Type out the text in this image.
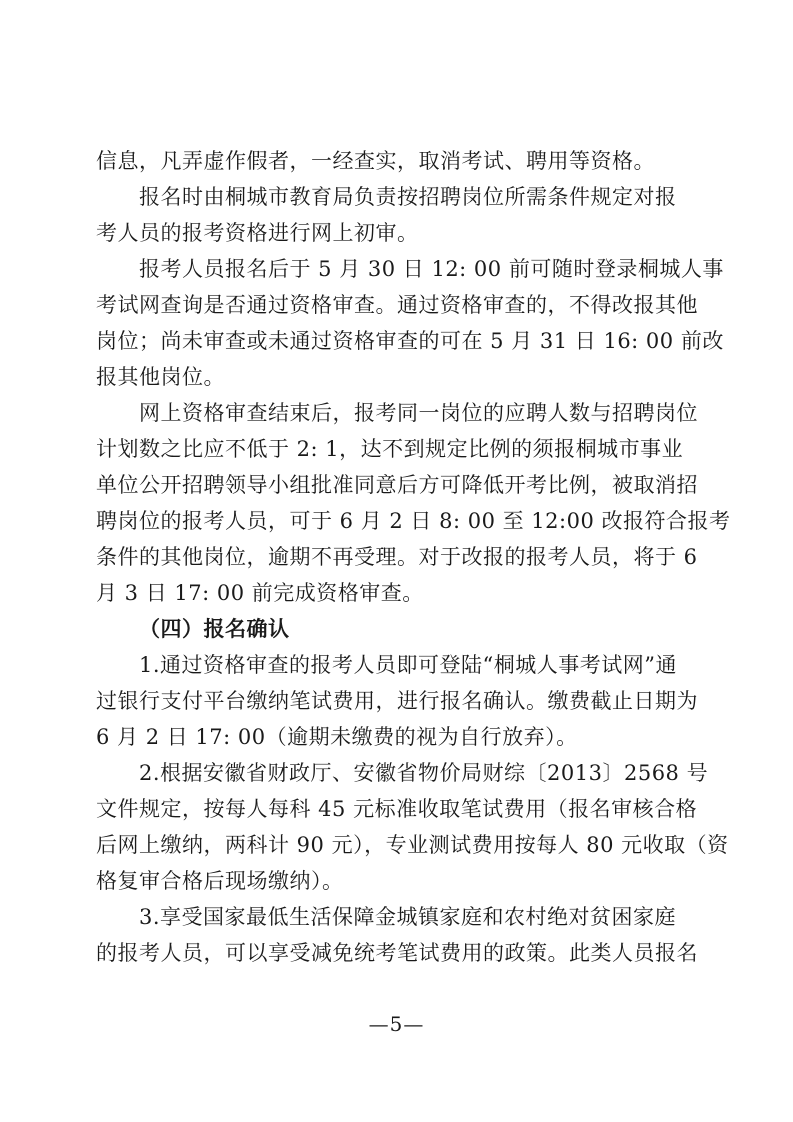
信息，凡弄虚作假者，一经查实，取消考试、聘用等资格。
报名时由桐城市教育局负责按招聘岗位所需条件规定对报
考人员的报考资格进行网上初审。
报考人员报名后于 5 月 30 日 12: 00 前可随时登录桐城人事
考试网查询是否通过资格审查。通过资格审查的，不得改报其他
岗位；尚未审查或未通过资格审查的可在 5 月 31 日 16: 00 前改
报其他岗位。
网上资格审查结束后，报考同一岗位的应聘人数与招聘岗位
计划数之比应不低于 2: 1，达不到规定比例的须报桐城市事业
单位公开招聘领导小组批准同意后方可降低开考比例，被取消招
聘岗位的报考人员，可于 6 月 2 日 8: 00 至 12:00 改报符合报考
条件的其他岗位，逾期不再受理。对于改报的报考人员，将于 6
月 3 日 17: 00 前完成资格审查。
（四）报名确认
1.通过资格审查的报考人员即可登陆“桐城人事考试网”通
过银行支付平台缴纳笔试费用，进行报名确认。缴费截止日期为
6 月 2 日 17: 00（逾期未缴费的视为自行放弃）。
2.根据安徽省财政厅、安徽省物价局财综〔2013〕2568 号
文件规定，按每人每科 45 元标准收取笔试费用（报名审核合格
后网上缴纳，两科计 90 元），专业测试费用按每人 80 元收取（资
格复审合格后现场缴纳）。
3.享受国家最低生活保障金城镇家庭和农村绝对贫困家庭
的报考人员，可以享受减免统考笔试费用的政策。此类人员报名
—5—
